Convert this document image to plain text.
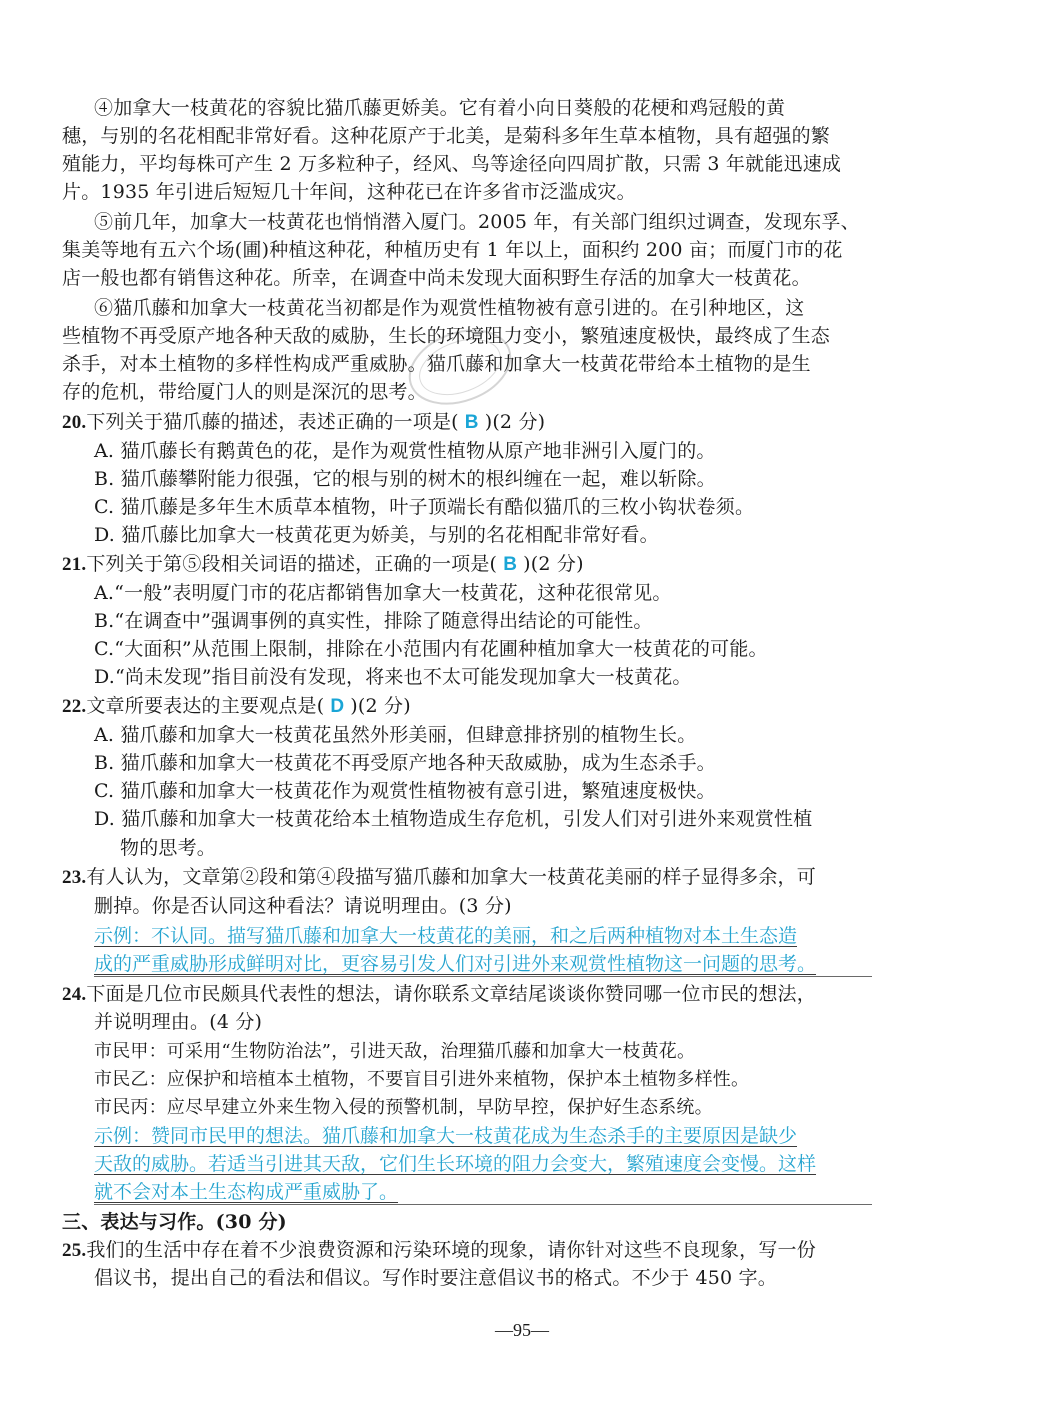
④加拿大一枝黄花的容貌比猫爪藤更娇美。它有着小向日葵般的花梗和鸡冠般的黄
穗，与别的名花相配非常好看。这种花原产于北美，是菊科多年生草本植物，具有超强的繁
殖能力，平均每株可产生 2 万多粒种子，经风、鸟等途径向四周扩散，只需 3 年就能迅速成
片。1935 年引进后短短几十年间，这种花已在许多省市泛滥成灾。
⑤前几年，加拿大一枝黄花也悄悄潜入厦门。2005 年，有关部门组织过调查，发现东孚、
集美等地有五六个场(圃)种植这种花，种植历史有 1 年以上，面积约 200 亩；而厦门市的花
店一般也都有销售这种花。所幸，在调查中尚未发现大面积野生存活的加拿大一枝黄花。
⑥猫爪藤和加拿大一枝黄花当初都是作为观赏性植物被有意引进的。在引种地区，这
些植物不再受原产地各种天敌的威胁，生长的环境阻力变小，繁殖速度极快，最终成了生态
杀手，对本土植物的多样性构成严重威胁。猫爪藤和加拿大一枝黄花带给本土植物的是生
存的危机，带给厦门人的则是深沉的思考。
20.下列关于猫爪藤的描述，表述正确的一项是( B )(2 分)
A. 猫爪藤长有鹅黄色的花，是作为观赏性植物从原产地非洲引入厦门的。
B. 猫爪藤攀附能力很强，它的根与别的树木的根纠缠在一起，难以斩除。
C. 猫爪藤是多年生木质草本植物，叶子顶端长有酷似猫爪的三枚小钩状卷须。
D. 猫爪藤比加拿大一枝黄花更为娇美，与别的名花相配非常好看。
21.下列关于第⑤段相关词语的描述，正确的一项是( B )(2 分)
A.“一般”表明厦门市的花店都销售加拿大一枝黄花，这种花很常见。
B.“在调查中”强调事例的真实性，排除了随意得出结论的可能性。
C.“大面积”从范围上限制，排除在小范围内有花圃种植加拿大一枝黄花的可能。
D.“尚未发现”指目前没有发现，将来也不太可能发现加拿大一枝黄花。
22.文章所要表达的主要观点是( D )(2 分)
A. 猫爪藤和加拿大一枝黄花虽然外形美丽，但肆意排挤别的植物生长。
B. 猫爪藤和加拿大一枝黄花不再受原产地各种天敌威胁，成为生态杀手。
C. 猫爪藤和加拿大一枝黄花作为观赏性植物被有意引进，繁殖速度极快。
D. 猫爪藤和加拿大一枝黄花给本土植物造成生存危机，引发人们对引进外来观赏性植
物的思考。
23.有人认为，文章第②段和第④段描写猫爪藤和加拿大一枝黄花美丽的样子显得多余，可
删掉。你是否认同这种看法？请说明理由。(3 分)
示例：不认同。描写猫爪藤和加拿大一枝黄花的美丽，和之后两种植物对本土生态造
成的严重威胁形成鲜明对比，更容易引发人们对引进外来观赏性植物这一问题的思考。
24.下面是几位市民颇具代表性的想法，请你联系文章结尾谈谈你赞同哪一位市民的想法，
并说明理由。(4 分)
市民甲：可采用“生物防治法”，引进天敌，治理猫爪藤和加拿大一枝黄花。
市民乙：应保护和培植本土植物，不要盲目引进外来植物，保护本土植物多样性。
市民丙：应尽早建立外来生物入侵的预警机制，早防早控，保护好生态系统。
示例：赞同市民甲的想法。猫爪藤和加拿大一枝黄花成为生态杀手的主要原因是缺少
天敌的威胁。若适当引进其天敌，它们生长环境的阻力会变大，繁殖速度会变慢。这样
就不会对本土生态构成严重威胁了。
三、表达与习作。(30 分)
25.我们的生活中存在着不少浪费资源和污染环境的现象，请你针对这些不良现象，写一份
倡议书，提出自己的看法和倡议。写作时要注意倡议书的格式。不少于 450 字。
—95—
